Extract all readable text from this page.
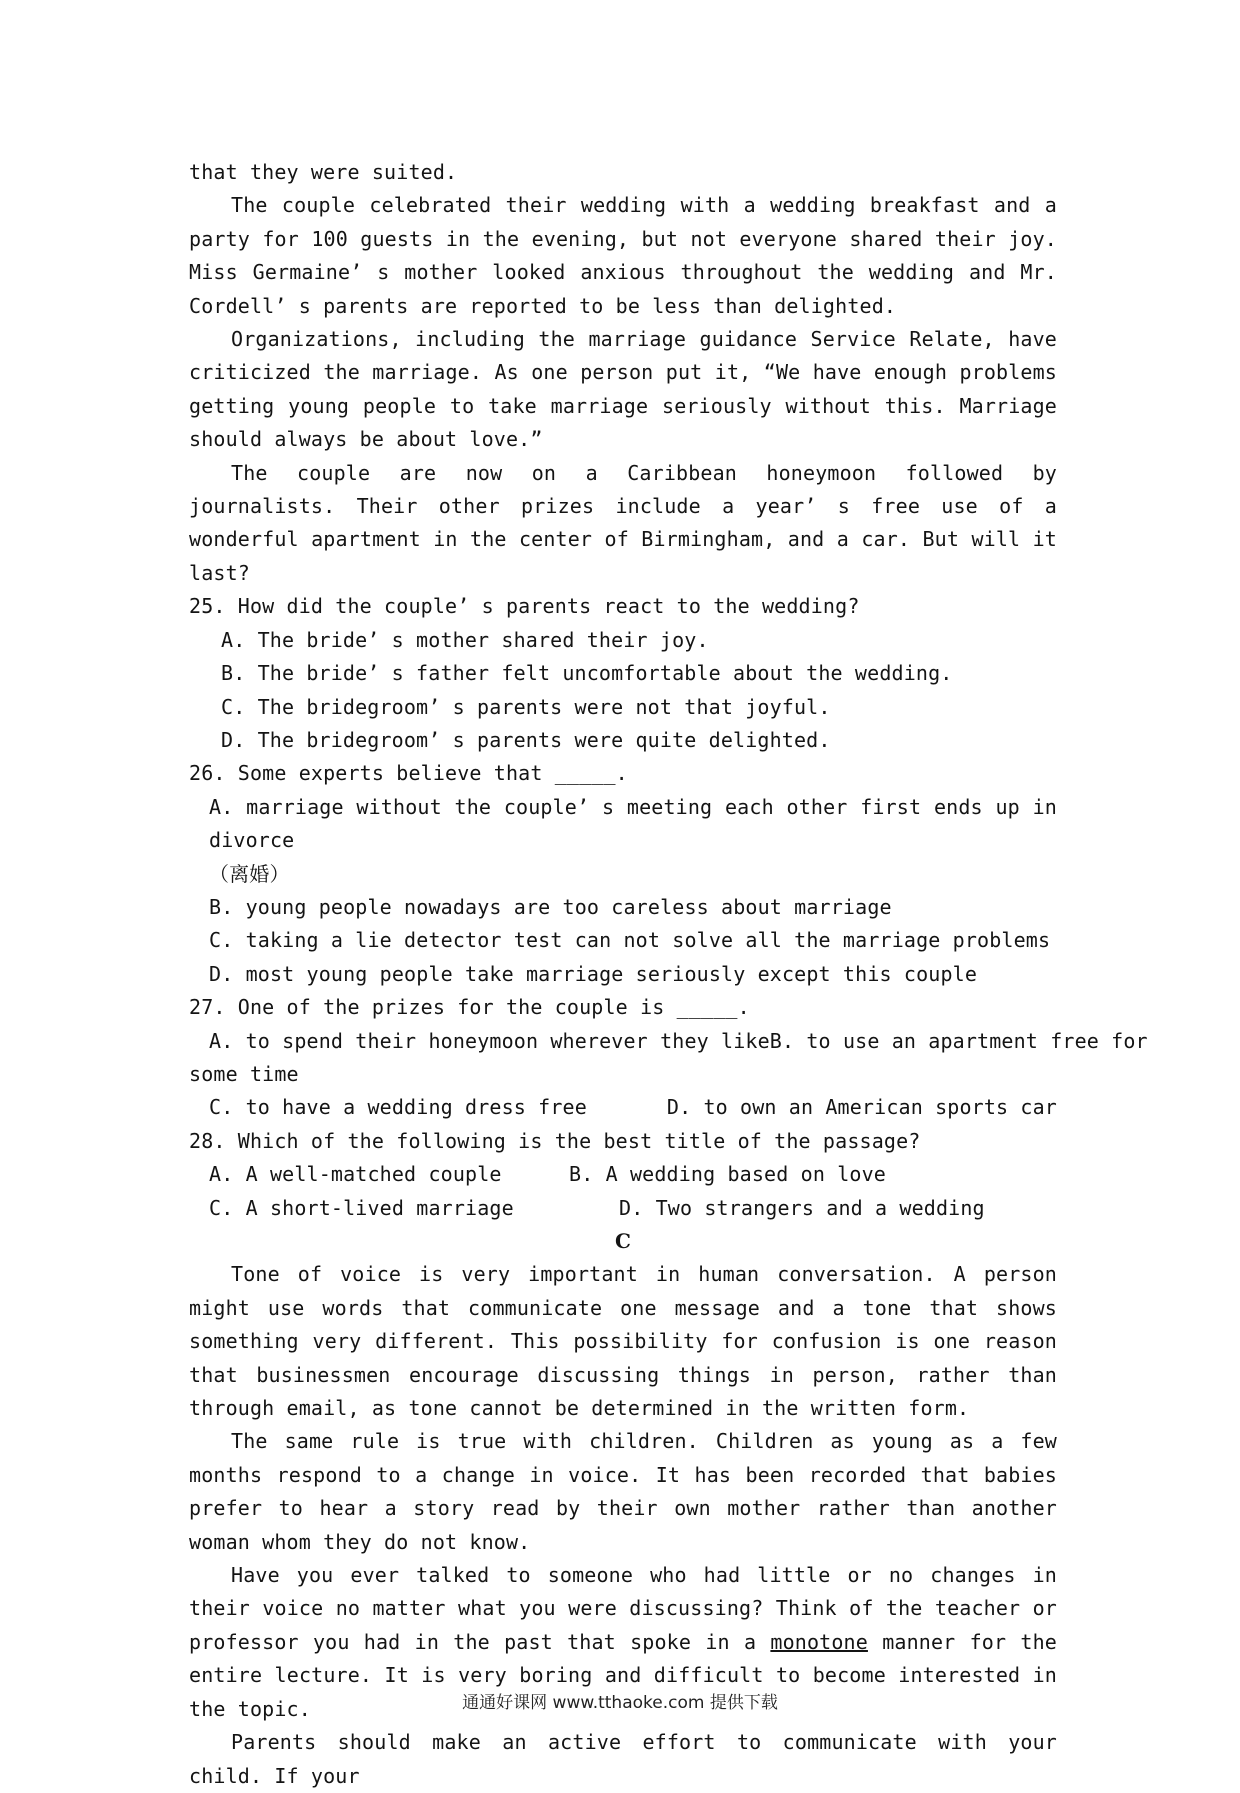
that they were suited.

The couple celebrated their wedding with a wedding breakfast and a party for 100 guests in the evening, but not everyone shared their joy. Miss Germaine’ s mother looked anxious throughout the wedding and Mr. Cordell’ s parents are reported to be less than delighted.

Organizations, including the marriage guidance Service Relate, have criticized the marriage. As one person put it, “We have enough problems getting young people to take marriage seriously without this. Marriage should always be about love.”

The couple are now on a Caribbean honeymoon followed by journalists. Their other prizes include a year’ s free use of a wonderful apartment in the center of Birmingham, and a car. But will it last?

25. How did the couple’ s parents react to the wedding?

A. The bride’ s mother shared their joy.

B. The bride’ s father felt uncomfortable about the wedding.

C. The bridegroom’ s parents were not that joyful.

D. The bridegroom’ s parents were quite delighted.

26. Some experts believe that _____.

A. marriage without the couple’ s meeting each other first ends up in divorce

（离婚）

B. young people nowadays are too careless about marriage

C. taking a lie detector test can not solve all the marriage problems

D. most young people take marriage seriously except this couple

27. One of the prizes for the couple is _____.

A. to spend their honeymoon wherever they like B. to use an apartment free for

some time

C. to have a wedding dress free	D. to own an American sports car

28. Which of the following is the best title of the passage?

A. A well-matched couple	B. A wedding based on love
C. A short-lived marriage	D. Two strangers and a wedding

C

Tone of voice is very important in human conversation. A person might use words that communicate one message and a tone that shows something very different. This possibility for confusion is one reason that businessmen encourage discussing things in person, rather than through email, as tone cannot be determined in the written form.

The same rule is true with children. Children as young as a few months respond to a change in voice. It has been recorded that babies prefer to hear a story read by their own mother rather than another woman whom they do not know.

Have you ever talked to someone who had little or no changes in their voice no matter what you were discussing? Think of the teacher or professor you had in the past that spoke in a monotone manner for the entire lecture. It is very boring and difficult to become interested in the topic.

Parents should make an active effort to communicate with your child. If your

通通好课网 www.tthaoke.com 提供下载
